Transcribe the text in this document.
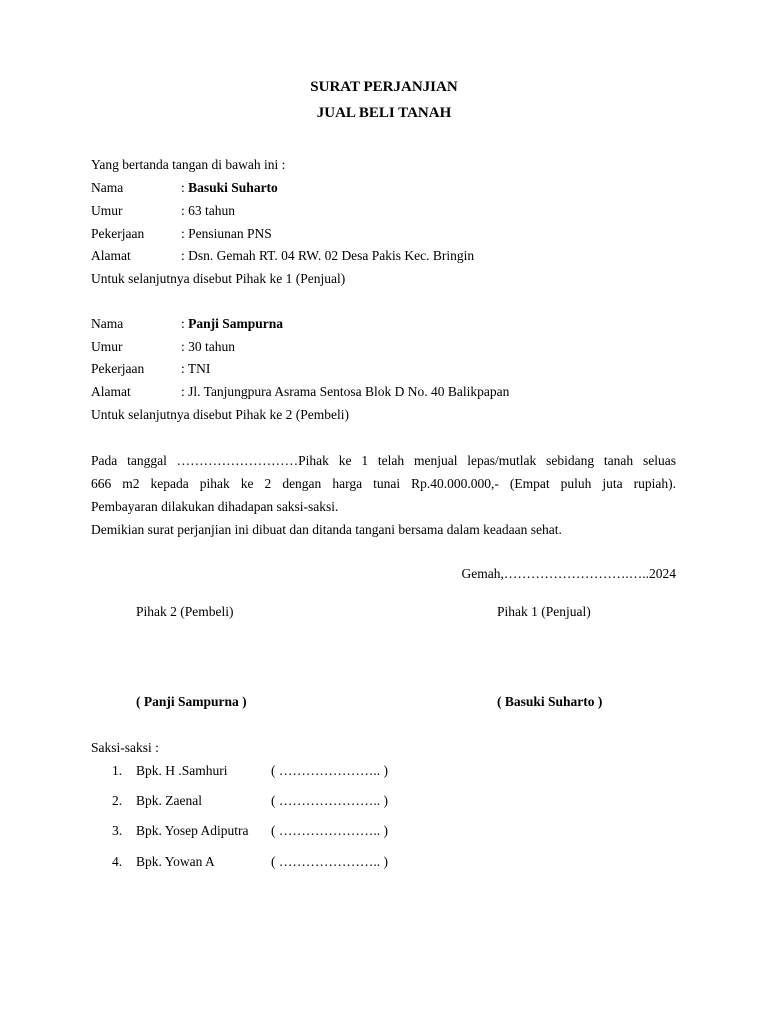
SURAT PERJANJIAN
JUAL BELI TANAH
Yang bertanda tangan di bawah ini :
Nama	: Basuki Suharto
Umur	: 63 tahun
Pekerjaan	: Pensiunan PNS
Alamat	: Dsn. Gemah RT. 04 RW. 02 Desa Pakis Kec. Bringin
Untuk selanjutnya disebut Pihak ke 1 (Penjual)
Nama	: Panji Sampurna
Umur	: 30 tahun
Pekerjaan	: TNI
Alamat	: Jl. Tanjungpura Asrama Sentosa Blok D No. 40 Balikpapan
Untuk selanjutnya disebut Pihak ke 2 (Pembeli)
Pada tanggal ………………………Pihak ke 1 telah menjual lepas/mutlak sebidang tanah seluas
666 m2 kepada pihak ke 2 dengan harga tunai Rp.40.000.000,- (Empat puluh juta rupiah).
Pembayaran dilakukan dihadapan saksi-saksi.
Demikian surat perjanjian ini dibuat dan ditanda tangani bersama dalam keadaan sehat.
Gemah,……………………….…..2024
Pihak 2 (Pembeli)	Pihak 1 (Penjual)
( Panji Sampurna )	( Basuki Suharto )
Saksi-saksi :
1. Bpk. H .Samhuri	( ………………….. )
2. Bpk. Zaenal	( ………………….. )
3. Bpk. Yosep Adiputra ( ………………….. )
4. Bpk. Yowan A	( ………………….. )
